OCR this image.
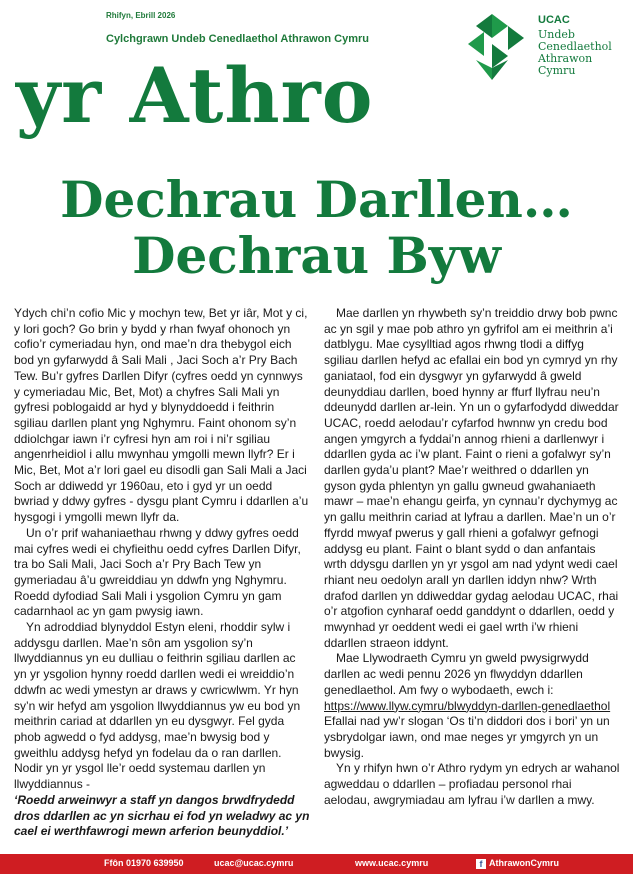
Rhifyn, Ebrill 2026
Cylchgrawn Undeb Cenedlaethol Athrawon Cymru
yr Athro
UCAC
Undeb
Cenedlaethol
Athrawon
Cymru
Dechrau Darllen…
Dechrau Byw

Ydych chi’n cofio Mic y mochyn tew, Bet yr iâr, Mot y ci, y lori goch? Go brin y bydd y rhan fwyaf ohonoch yn cofio’r cymeriadau hyn, ond mae’n dra thebygol eich bod yn gyfarwydd â Sali Mali , Jaci Soch a’r Pry Bach Tew. Bu’r gyfres Darllen Difyr (cyfres oedd yn cynnwys y cymeriadau Mic, Bet, Mot) a chyfres Sali Mali yn gyfresi poblogaidd ar hyd y blynyddoedd i feithrin sgiliau darllen plant yng Nghymru. Faint ohonom sy’n ddiolchgar iawn i’r cyfresi hyn am roi i ni’r sgiliau angenrheidiol i allu mwynhau ymgolli mewn llyfr? Er i Mic, Bet, Mot a’r lori gael eu disodli gan Sali Mali a Jaci Soch ar ddiwedd yr 1960au, eto i gyd yr un oedd bwriad y ddwy gyfres - dysgu plant Cymru i ddarllen a’u hysgogi i ymgolli mewn llyfr da.

Un o’r prif wahaniaethau rhwng y ddwy gyfres oedd mai cyfres wedi ei chyfieithu oedd cyfres Darllen Difyr, tra bo Sali Mali, Jaci Soch a’r Pry Bach Tew yn gymeriadau â’u gwreiddiau yn ddwfn yng Nghymru. Roedd dyfodiad Sali Mali i ysgolion Cymru yn gam cadarnhaol ac yn gam pwysig iawn.

Yn adroddiad blynyddol Estyn eleni, rhoddir sylw i addysgu darllen. Mae’n sôn am ysgolion sy’n llwyddiannus yn eu dulliau o feithrin sgiliau darllen ac yn yr ysgolion hynny roedd darllen wedi ei wreiddio’n ddwfn ac wedi ymestyn ar draws y cwricwlwm. Yr hyn sy’n wir hefyd am ysgolion llwyddiannus yw eu bod yn meithrin cariad at ddarllen yn eu dysgwyr. Fel gyda phob agwedd o fyd addysg, mae’n bwysig bod y gweithlu addysg hefyd yn fodelau da o ran darllen. Nodir yn yr ysgol lle’r oedd systemau darllen yn llwyddiannus -

‘Roedd arweinwyr a staff yn dangos brwdfrydedd dros ddarllen ac yn sicrhau ei fod yn weladwy ac yn cael ei werthfawrogi mewn arferion beunyddiol.’

Mae darllen yn rhywbeth sy’n treiddio drwy bob pwnc ac yn sgil y mae pob athro yn gyfrifol am ei meithrin a’i datblygu. Mae cysylltiad agos rhwng tlodi a diffyg sgiliau darllen hefyd ac efallai ein bod yn cymryd yn rhy ganiataol, fod ein dysgwyr yn gyfarwydd â gweld deunyddiau darllen, boed hynny ar ffurf llyfrau neu’n ddeunydd darllen ar-lein. Yn un o gyfarfodydd diweddar UCAC, roedd aelodau’r cyfarfod hwnnw yn credu bod angen ymgyrch a fyddai’n annog rhieni a darllenwyr i ddarllen gyda ac i’w plant. Faint o rieni a gofalwyr sy’n darllen gyda’u plant? Mae’r weithred o ddarllen yn gyson gyda phlentyn yn gallu gwneud gwahaniaeth mawr – mae’n ehangu geirfa, yn cynnau’r dychymyg ac yn gallu meithrin cariad at lyfrau a darllen. Mae’n un o’r ffyrdd mwyaf pwerus y gall rhieni a gofalwyr gefnogi addysg eu plant. Faint o blant sydd o dan anfantais wrth ddysgu darllen yn yr ysgol am nad ydynt wedi cael rhiant neu oedolyn arall yn darllen iddyn nhw? Wrth drafod darllen yn ddiweddar gydag aelodau UCAC, rhai o’r atgofion cynharaf oedd ganddynt o ddarllen, oedd y mwynhad yr oeddent wedi ei gael wrth i’w rhieni ddarllen straeon iddynt.

Mae Llywodraeth Cymru yn gweld pwysigrwydd darllen ac wedi pennu 2026 yn flwyddyn ddarllen genedlaethol. Am fwy o wybodaeth, ewch i: https://www.llyw.cymru/blwyddyn-darllen-genedlaethol Efallai nad yw’r slogan ‘Os ti’n diddori dos i bori’ yn un ysbrydolgar iawn, ond mae neges yr ymgyrch yn un bwysig.

Yn y rhifyn hwn o’r Athro rydym yn edrych ar wahanol agweddau o ddarllen – profiadau personol rhai aelodau, awgrymiadau am lyfrau i’w darllen a mwy.

Ffôn 01970 639950	ucac@ucac.cymru	www.ucac.cymru	f AthrawonCymru
